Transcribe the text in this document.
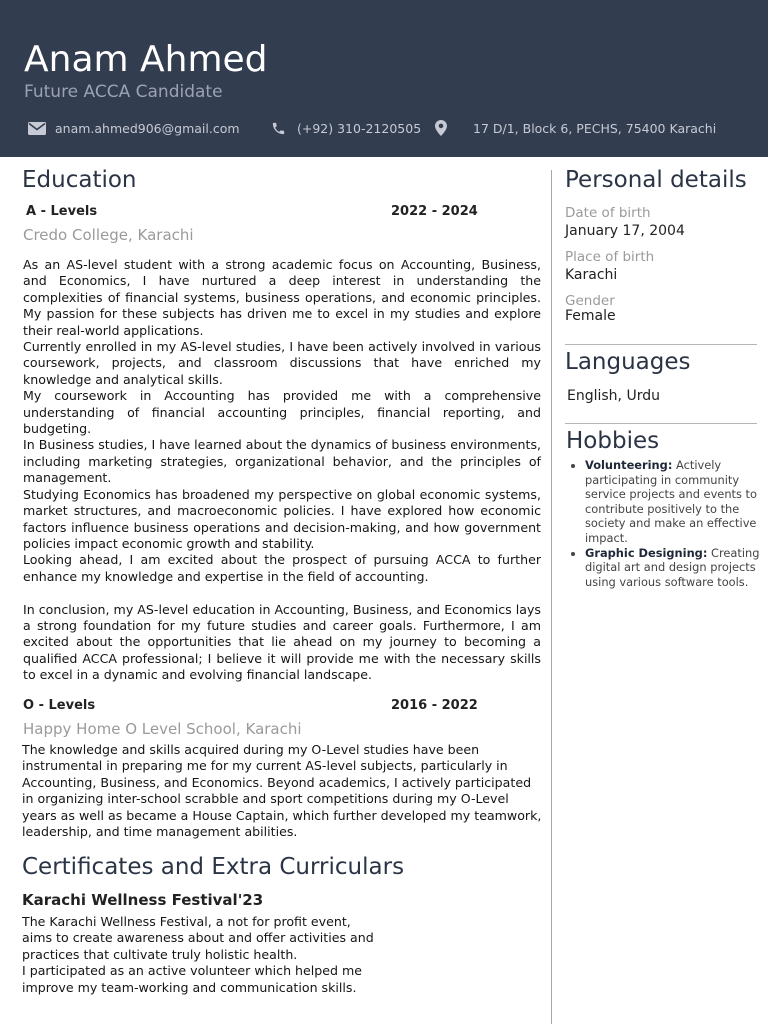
Anam Ahmed
Future ACCA Candidate
anam.ahmed906@gmail.com	(+92) 310-2120505	17 D/1, Block 6, PECHS, 75400 Karachi
Education
A - Levels	2022 - 2024
Credo College, Karachi

As an AS-level student with a strong academic focus on Accounting, Business, and Economics, I have nurtured a deep interest in understanding the complexities of financial systems, business operations, and economic principles. My passion for these subjects has driven me to excel in my studies and explore their real-world applications.

Currently enrolled in my AS-level studies, I have been actively involved in various coursework, projects, and classroom discussions that have enriched my knowledge and analytical skills.

My coursework in Accounting has provided me with a comprehensive understanding of financial accounting principles, financial reporting, and budgeting.

In Business studies, I have learned about the dynamics of business environments, including marketing strategies, organizational behavior, and the principles of management.

Studying Economics has broadened my perspective on global economic systems, market structures, and macroeconomic policies. I have explored how economic factors influence business operations and decision-making, and how government policies impact economic growth and stability.

Looking ahead, I am excited about the prospect of pursuing ACCA to further enhance my knowledge and expertise in the field of accounting.

In conclusion, my AS-level education in Accounting, Business, and Economics lays a strong foundation for my future studies and career goals. Furthermore, I am excited about the opportunities that lie ahead on my journey to becoming a qualified ACCA professional; I believe it will provide me with the necessary skills to excel in a dynamic and evolving financial landscape.

O - Levels	2016 - 2022
Happy Home O Level School, Karachi

The knowledge and skills acquired during my O-Level studies have been instrumental in preparing me for my current AS-level subjects, particularly in Accounting, Business, and Economics. Beyond academics, I actively participated in organizing inter-school scrabble and sport competitions during my O-Level years as well as became a House Captain, which further developed my teamwork, leadership, and time management abilities.

Certificates and Extra Curriculars
Karachi Wellness Festival'23

The Karachi Wellness Festival, a not for profit event, aims to create awareness about and offer activities and practices that cultivate truly holistic health.

I participated as an active volunteer which helped me improve my team-working and communication skills.

Personal details
Date of birth
January 17, 2004
Place of birth
Karachi
Gender
Female
Languages
English, Urdu
Hobbies
• Volunteering: Actively participating in community service projects and events to contribute positively to the society and make an effective impact.
• Graphic Designing: Creating digital art and design projects using various software tools.
